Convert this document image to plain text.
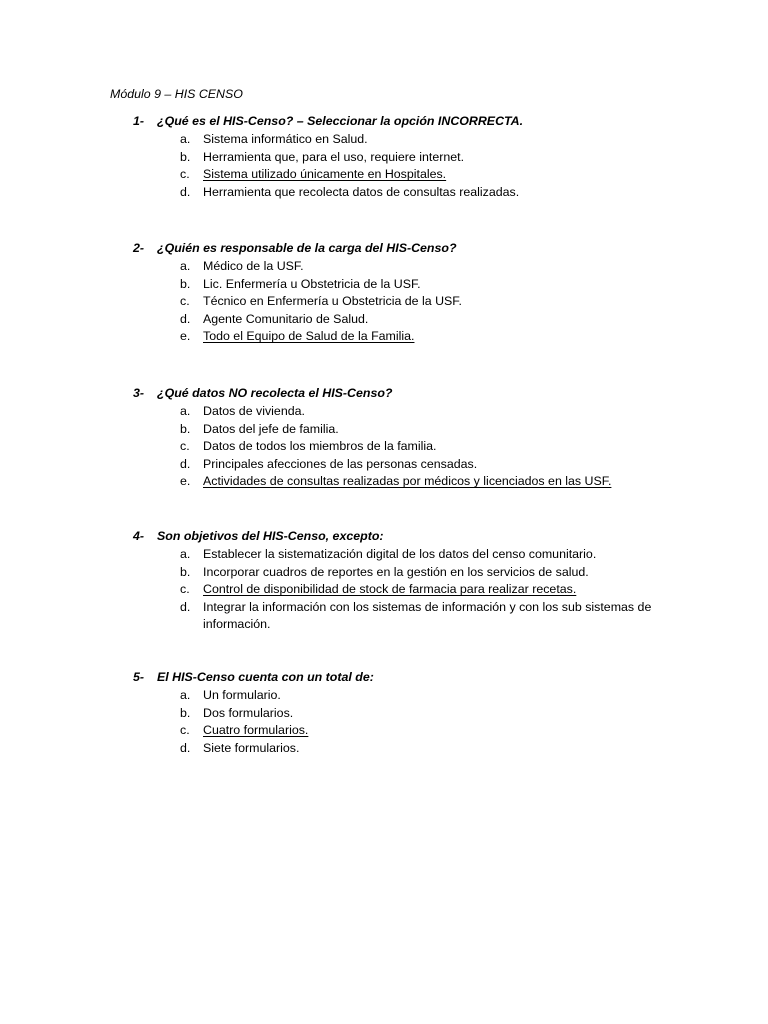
Módulo 9 – HIS CENSO
1- ¿Qué es el HIS-Censo? – Seleccionar la opción INCORRECTA.
a. Sistema informático en Salud.
b. Herramienta que, para el uso, requiere internet.
c. Sistema utilizado únicamente en Hospitales.
d. Herramienta que recolecta datos de consultas realizadas.
2- ¿Quién es responsable de la carga del HIS-Censo?
a. Médico de la USF.
b. Lic. Enfermería u Obstetricia de la USF.
c. Técnico en Enfermería u Obstetricia de la USF.
d. Agente Comunitario de Salud.
e. Todo el Equipo de Salud de la Familia.
3- ¿Qué datos NO recolecta el HIS-Censo?
a. Datos de vivienda.
b. Datos del jefe de familia.
c. Datos de todos los miembros de la familia.
d. Principales afecciones de las personas censadas.
e. Actividades de consultas realizadas por médicos y licenciados en las USF.
4- Son objetivos del HIS-Censo, excepto:
a. Establecer la sistematización digital de los datos del censo comunitario.
b. Incorporar cuadros de reportes en la gestión en los servicios de salud.
c. Control de disponibilidad de stock de farmacia para realizar recetas.
d. Integrar la información con los sistemas de información y con los sub sistemas de información.
5- El HIS-Censo cuenta con un total de:
a. Un formulario.
b. Dos formularios.
c. Cuatro formularios.
d. Siete formularios.
